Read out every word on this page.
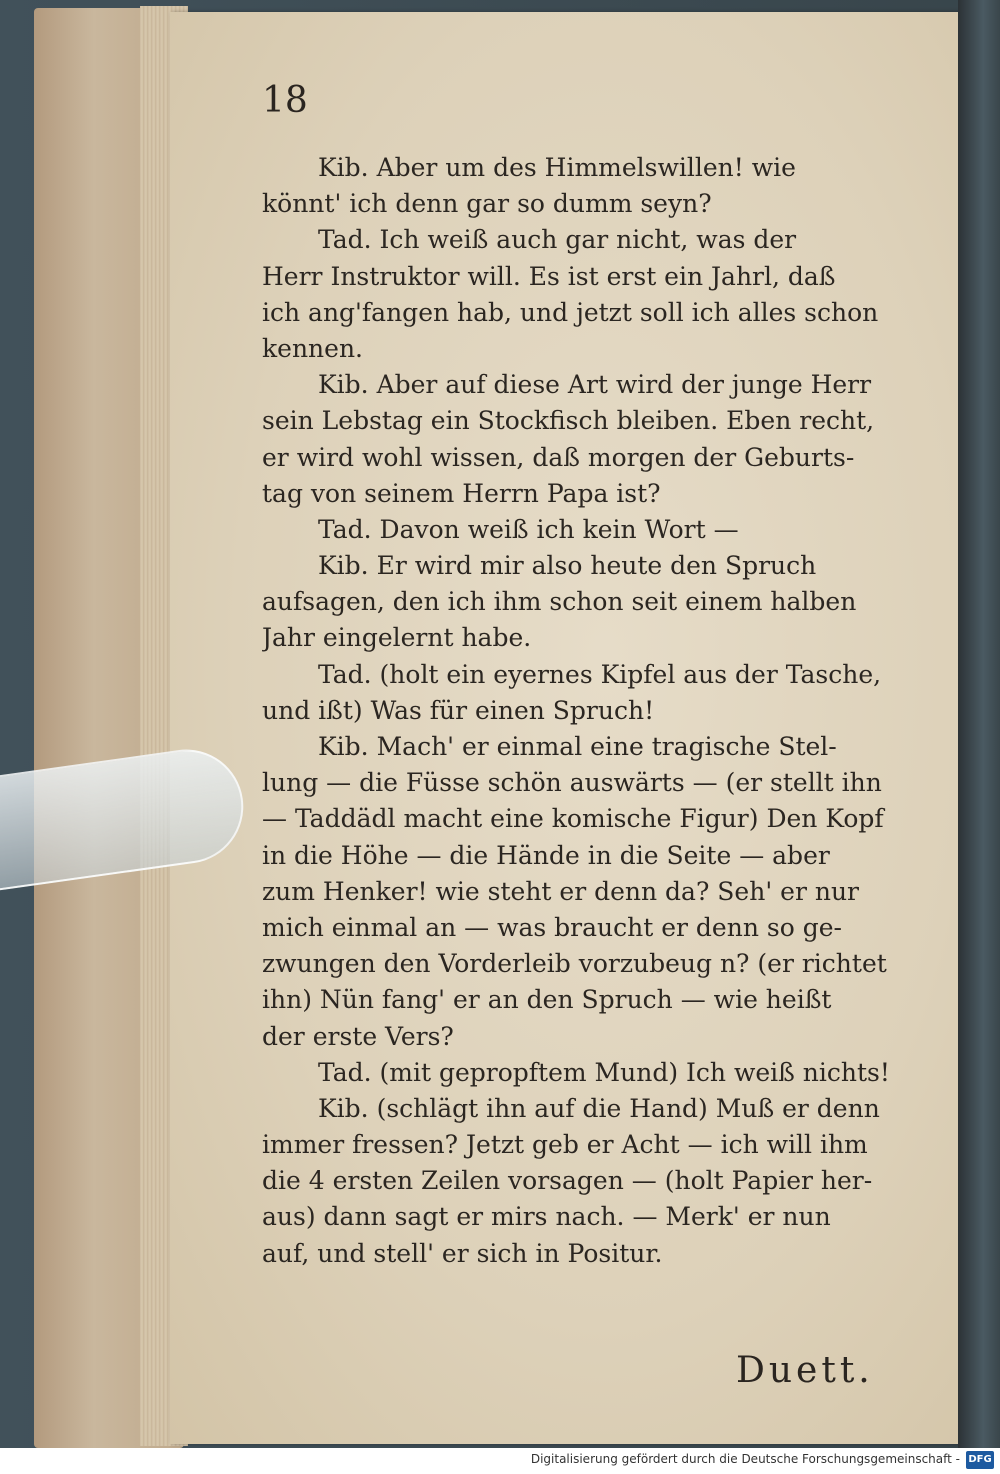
18
Kib. Aber um des Himmelswillen! wie
könnt' ich denn gar so dumm seyn?
Tad. Ich weiß auch gar nicht, was der
Herr Instruktor will. Es ist erst ein Jahrl, daß
ich ang'fangen hab, und jetzt soll ich alles schon
kennen.
Kib. Aber auf diese Art wird der junge Herr
sein Lebstag ein Stockfisch bleiben. Eben recht,
er wird wohl wissen, daß morgen der Geburts-
tag von seinem Herrn Papa ist?
Tad. Davon weiß ich kein Wort —
Kib. Er wird mir also heute den Spruch
aufsagen, den ich ihm schon seit einem halben
Jahr eingelernt habe.
Tad. (holt ein eyernes Kipfel aus der Tasche,
und ißt) Was für einen Spruch!
Kib. Mach' er einmal eine tragische Stel-
lung — die Füsse schön auswärts — (er stellt ihn
— Taddädl macht eine komische Figur) Den Kopf
in die Höhe — die Hände in die Seite — aber
zum Henker! wie steht er denn da? Seh' er nur
mich einmal an — was braucht er denn so ge-
zwungen den Vorderleib vorzubeug n? (er richtet
ihn) Nün fang' er an den Spruch — wie heißt
der erste Vers?
Tad. (mit gepropftem Mund) Ich weiß nichts!
Kib. (schlägt ihn auf die Hand) Muß er denn
immer fressen? Jetzt geb er Acht — ich will ihm
die 4 ersten Zeilen vorsagen — (holt Papier her-
aus) dann sagt er mirs nach. — Merk' er nun
auf, und stell' er sich in Positur.
Duett.
Digitalisierung gefördert durch die Deutsche Forschungsgemeinschaft - DFG
